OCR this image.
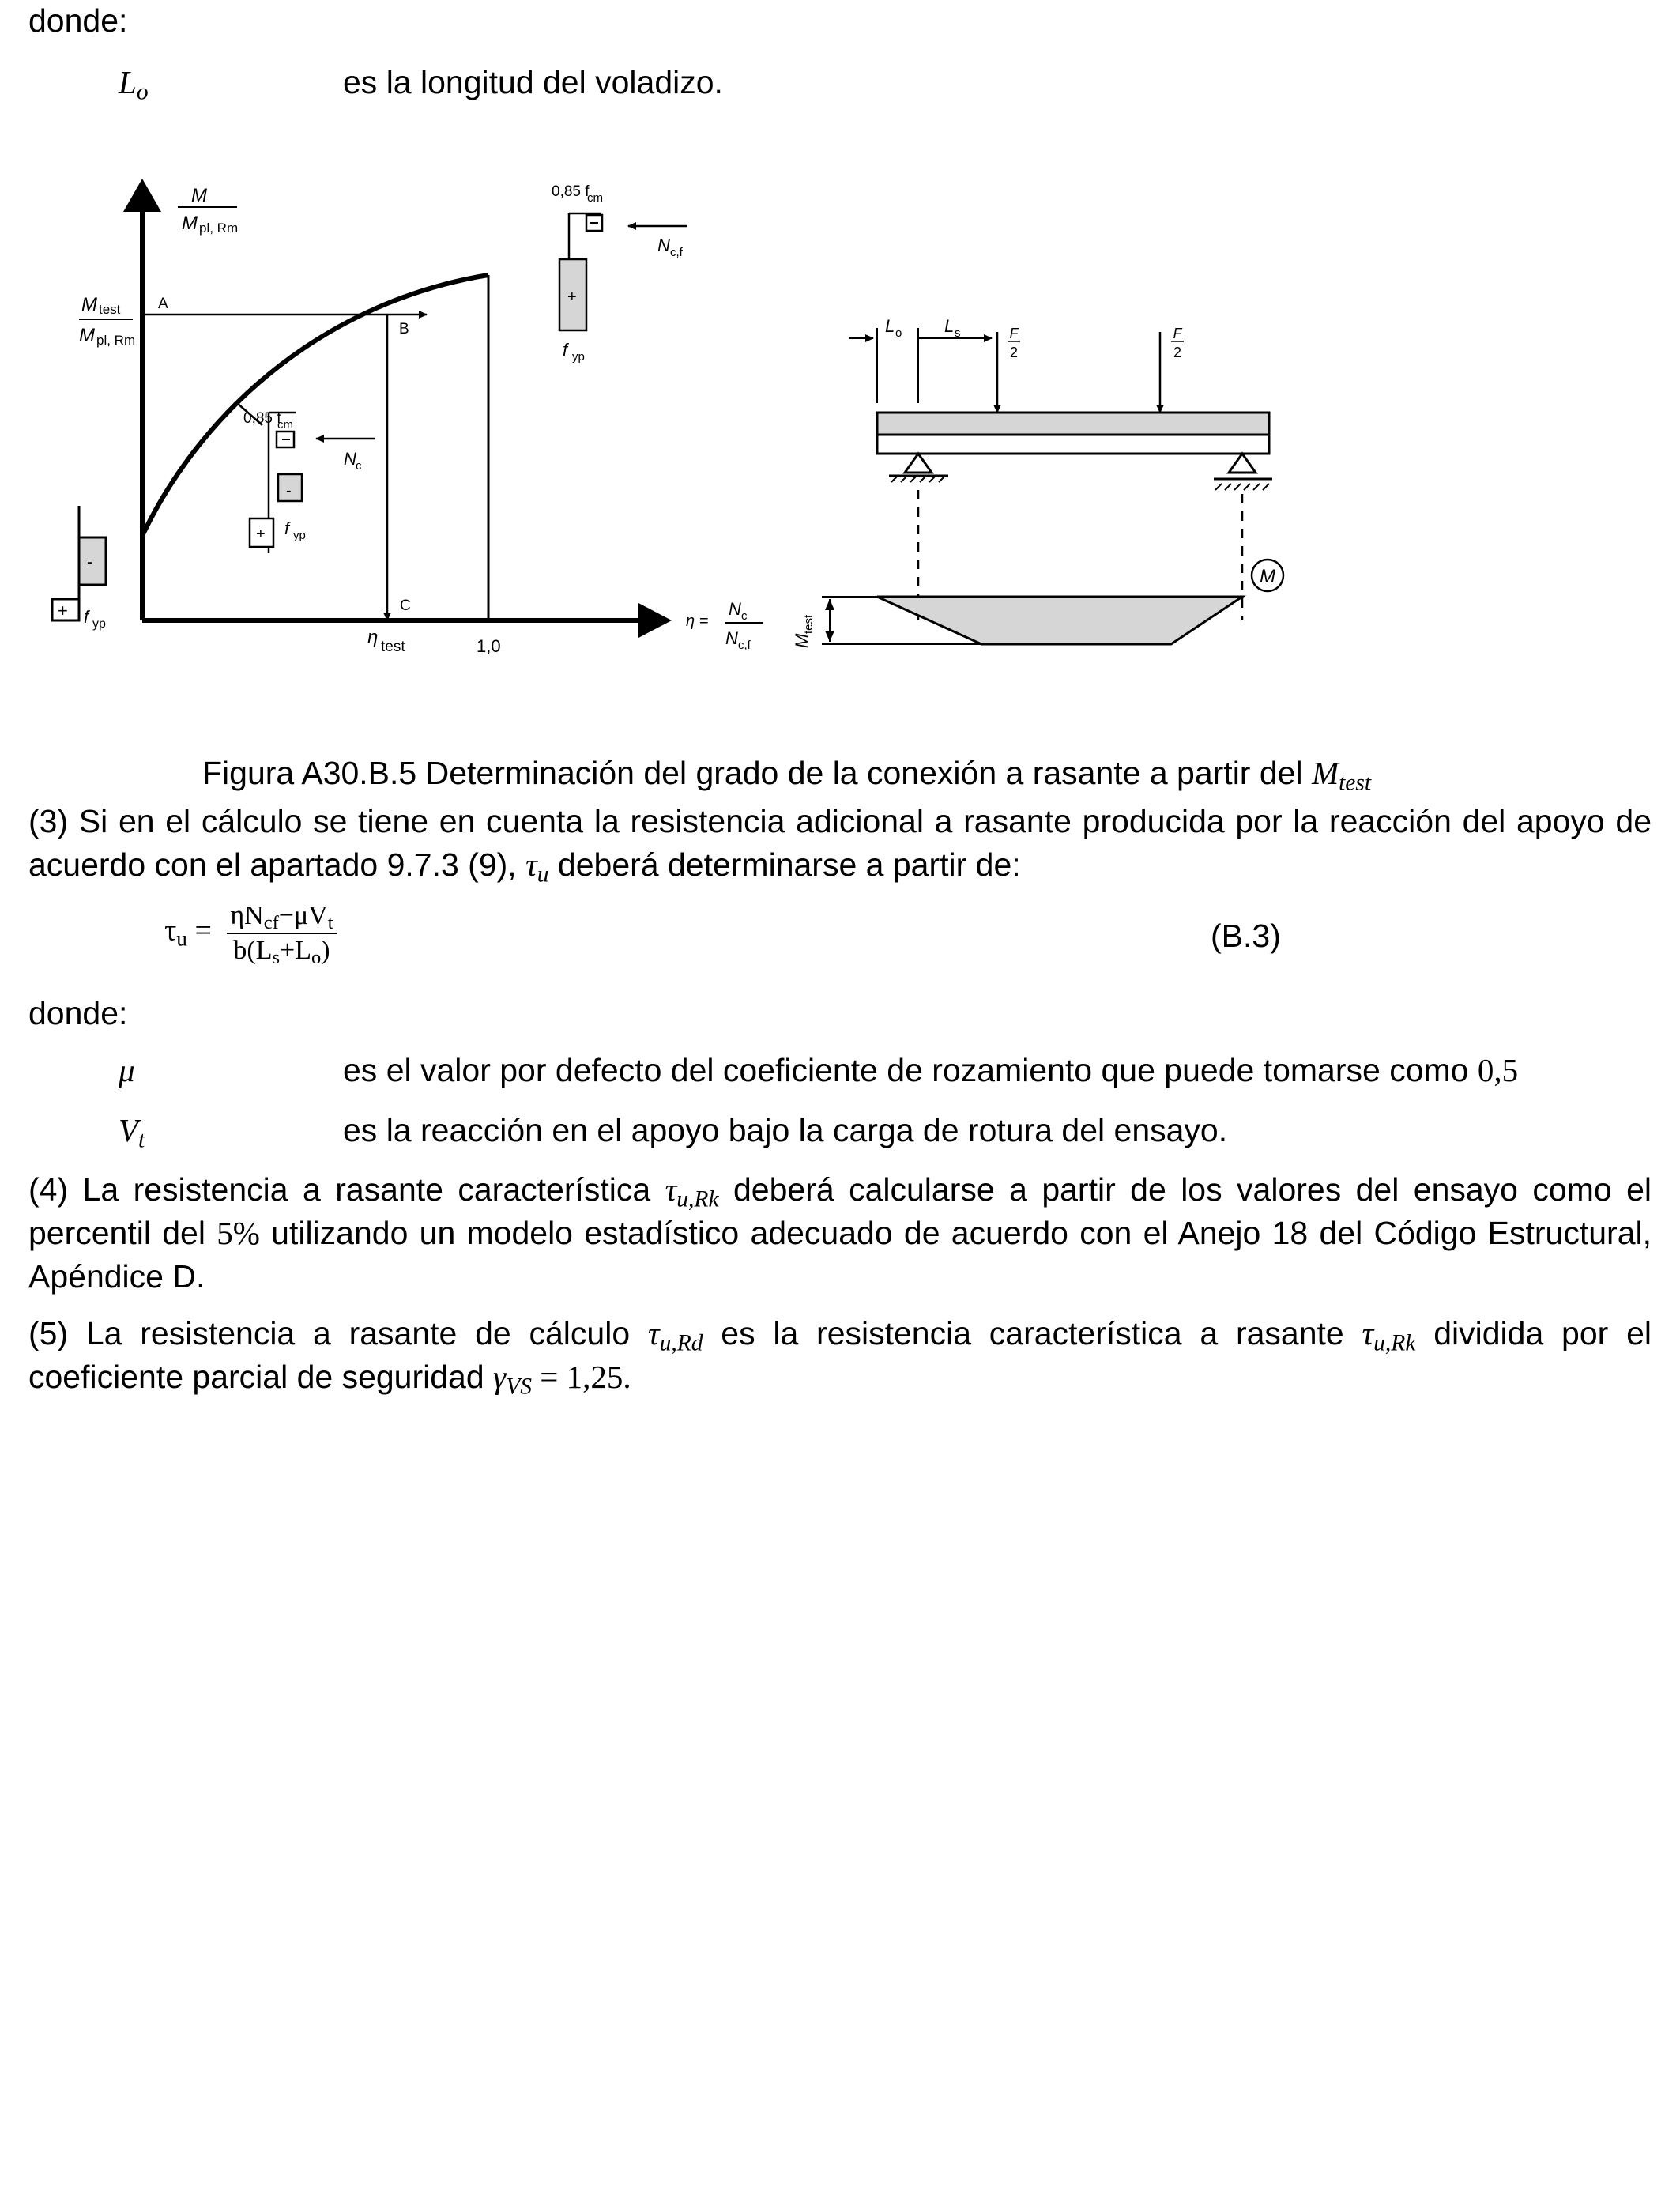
donde:
$L_o$	es la longitud del voladizo.
M
M pl, Rm
M test
M pl, Rm
A
B
C
η test	1,0
-
+ f yp
-
+
0,85 f
cm
f yp
N c
+
0,85 f
cm
f yp
N c,f
η =
N c
N c,f
L o L s	F
2
F
2
M
test
M
Figura A30.B.5 Determinación del grado de la conexión a rasante a partir del $M_{test}$
(3) Si en el cálculo se tiene en cuenta la resistencia adicional a rasante producida por la reacción del apoyo de acuerdo con el apartado 9.7.3 (9), $\tau_u$ deberá determinarse a partir de:
$\tau_u = \frac{\eta N_{cf}-\mu V_t}{b(L_s+L_o)}$	(B.3)
donde:
μ	es el valor por defecto del coeficiente de rozamiento que puede tomarse como 0,5
$V_t$	es la reacción en el apoyo bajo la carga de rotura del ensayo.
(4) La resistencia a rasante característica $\tau_{u,Rk}$ deberá calcularse a partir de los valores del ensayo como el percentil del 5% utilizando un modelo estadístico adecuado de acuerdo con el Anejo 18 del Código Estructural, Apéndice D.
(5) La resistencia a rasante de cálculo $\tau_{u,Rd}$ es la resistencia característica a rasante $\tau_{u,Rk}$ dividida por el coeficiente parcial de seguridad $\gamma_{VS} = 1,25$.
